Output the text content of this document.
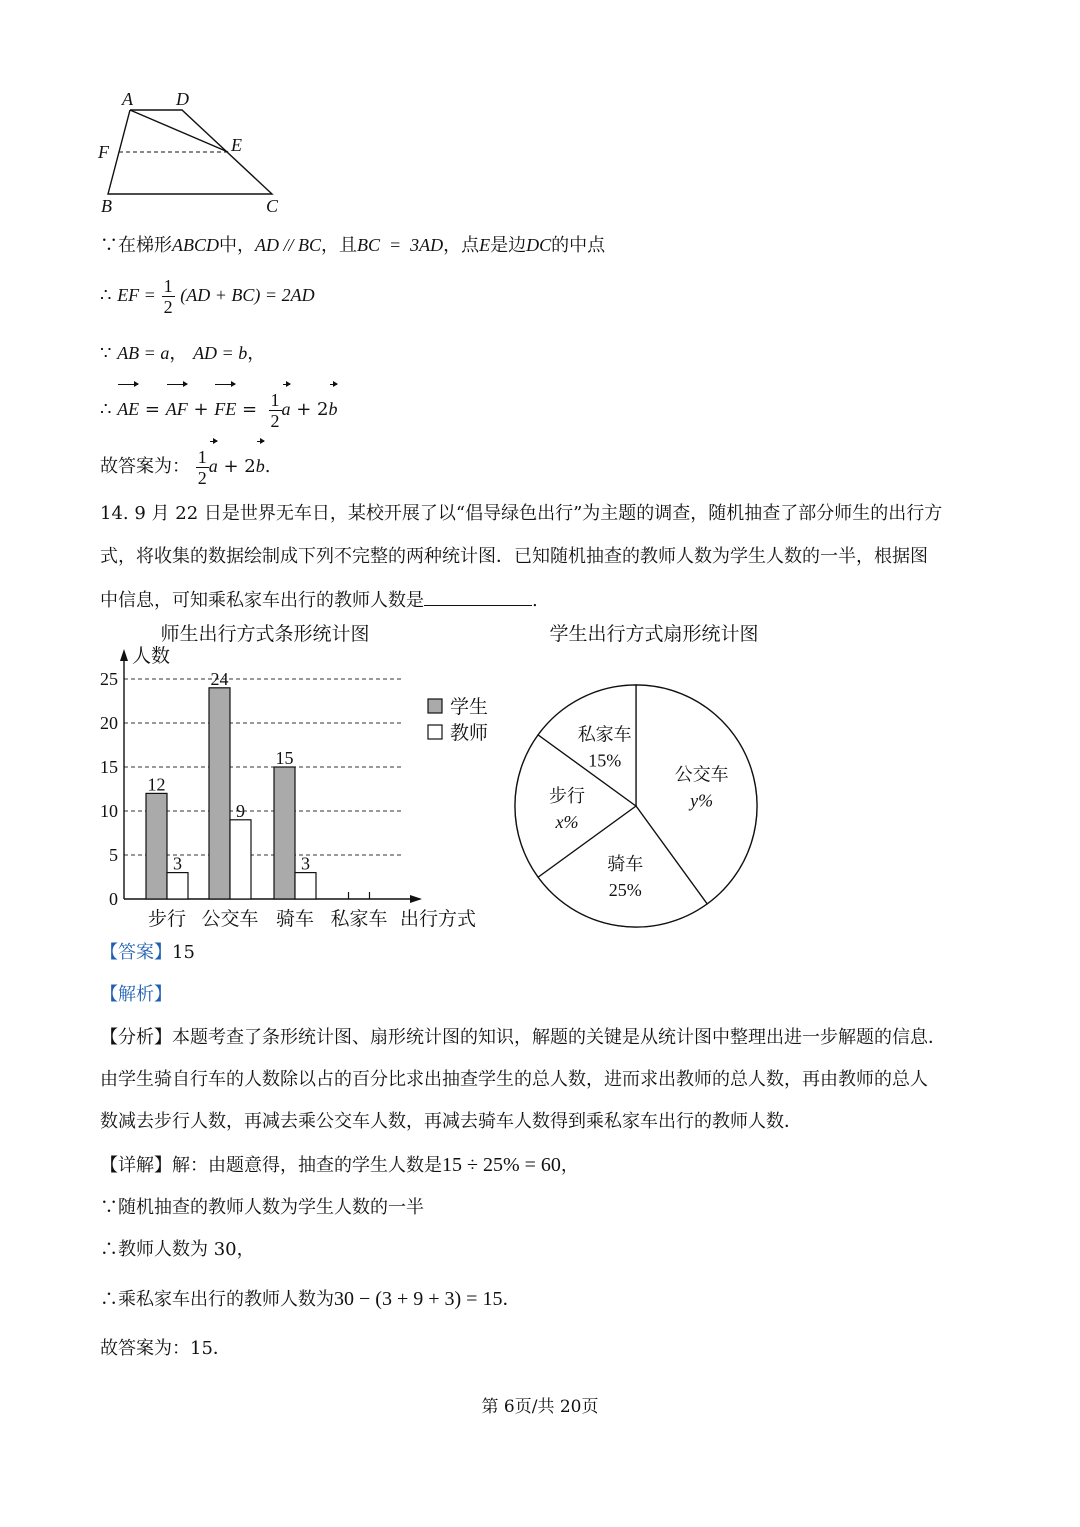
A D
E
F
B	C
∵在梯形ABCD中，AD // BC，且BC  =  3AD，点E是边DC的中点
∴ EF = $\frac{1}{2} (AD + BC) = 2AD$
∵ AB = a， AD = b，
∴ AE = AF + FE = $\frac{1}{2}$ a + 2b
故答案为： $\frac{1}{2}$ a + 2b.
14. 9 月 22 日是世界无车日，某校开展了以“倡导绿色出行”为主题的调查，随机抽查了部分师生的出行方
式，将收集的数据绘制成下列不完整的两种统计图．已知随机抽查的教师人数为学生人数的一半，根据图
中信息，可知乘私家车出行的教师人数是	.
师生出行方式条形统计图
人数
出行方式
0
5
10
15
20
25
步行 公交车 骑车 私家车
12
3
24
9
15
3
学生
教师
学生出行方式扇形统计图
公交车
y%
骑车
25%
步行
x%
私家车
15%
【答案】15
【解析】
【分析】本题考查了条形统计图、扇形统计图的知识，解题的关键是从统计图中整理出进一步解题的信息．
由学生骑自行车的人数除以占的百分比求出抽查学生的总人数，进而求出教师的总人数，再由教师的总人
数减去步行人数，再减去乘公交车人数，再减去骑车人数得到乘私家车出行的教师人数．
【详解】解：由题意得，抽查的学生人数是15 ÷ 25% = 60，
∵随机抽查的教师人数为学生人数的一半
∴教师人数为 30，
∴乘私家车出行的教师人数为30 − (3 + 9 + 3) = 15．
故答案为：15．
第 6页/共 20页
